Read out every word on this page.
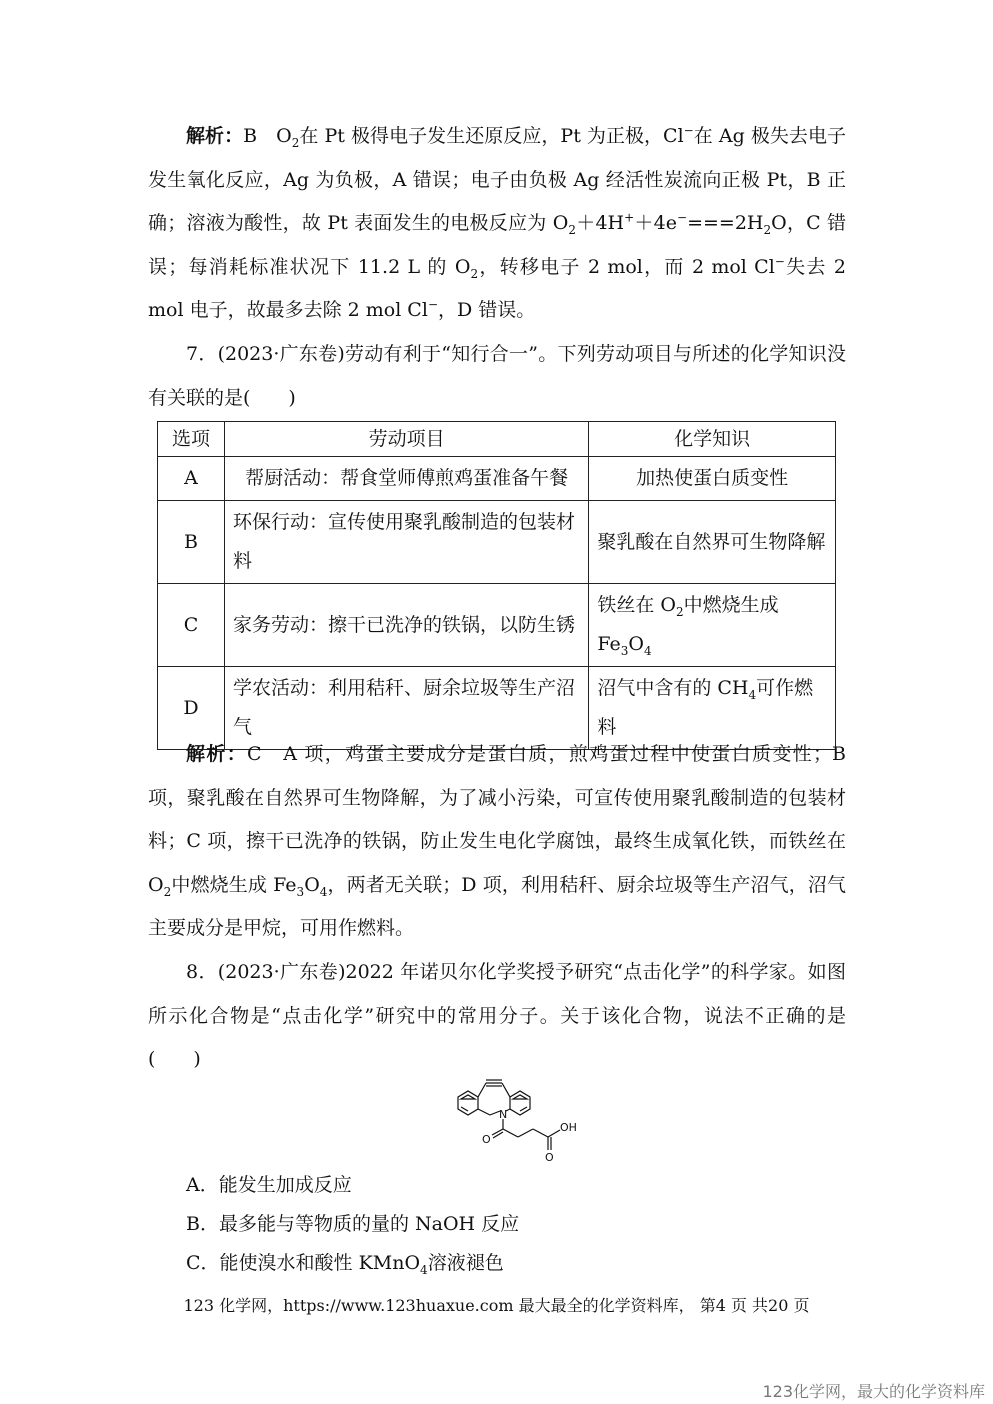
解析：B　$O_2$在 Pt 极得电子发生还原反应，Pt 为正极，Cl−在 Ag 极失去电子发生氧化反应，Ag 为负极，A 错误；电子由负极 Ag 经活性炭流向正极 Pt，B 正确；溶液为酸性，故 Pt 表面发生的电极反应为 $O_2+4H^++4e^-===2H_2O$，C 错误；每消耗标准状况下 11.2 L 的 $O_2$，转移电子 2 mol，而 2 mol Cl−失去 2 mol 电子，故最多去除 2 mol Cl−，D 错误。
7．(2023·广东卷)劳动有利于“知行合一”。下列劳动项目与所述的化学知识没有关联的是(　　)
选项	劳动项目	化学知识
A	帮厨活动：帮食堂师傅煎鸡蛋准备午餐	加热使蛋白质变性
B	环保行动：宣传使用聚乳酸制造的包装材料	聚乳酸在自然界可生物降解
C	家务劳动：擦干已洗净的铁锅，以防生锈	铁丝在 $O_2$中燃烧生成 $Fe_3O_4$
D	学农活动：利用秸秆、厨余垃圾等生产沼气	沼气中含有的 $CH_4$可作燃料
解析：C　A 项，鸡蛋主要成分是蛋白质，煎鸡蛋过程中使蛋白质变性；B 项，聚乳酸在自然界可生物降解，为了减小污染，可宣传使用聚乳酸制造的包装材料；C 项，擦干已洗净的铁锅，防止发生电化学腐蚀，最终生成氧化铁，而铁丝在 $O_2$中燃烧生成 $Fe_3O_4$，两者无关联；D 项，利用秸秆、厨余垃圾等生产沼气，沼气主要成分是甲烷，可用作燃料。
8．(2023·广东卷)2022 年诺贝尔化学奖授予研究“点击化学”的科学家。如图所示化合物是“点击化学”研究中的常用分子。关于该化合物，说法不正确的是(　　)
N
O
OH
O
A．能发生加成反应
B．最多能与等物质的量的 NaOH 反应
C．能使溴水和酸性 KMnO$_4$溶液褪色
123 化学网，https://www.123huaxue.com 最大最全的化学资料库， 第4 页 共20 页
123化学网，最大的化学资料库
